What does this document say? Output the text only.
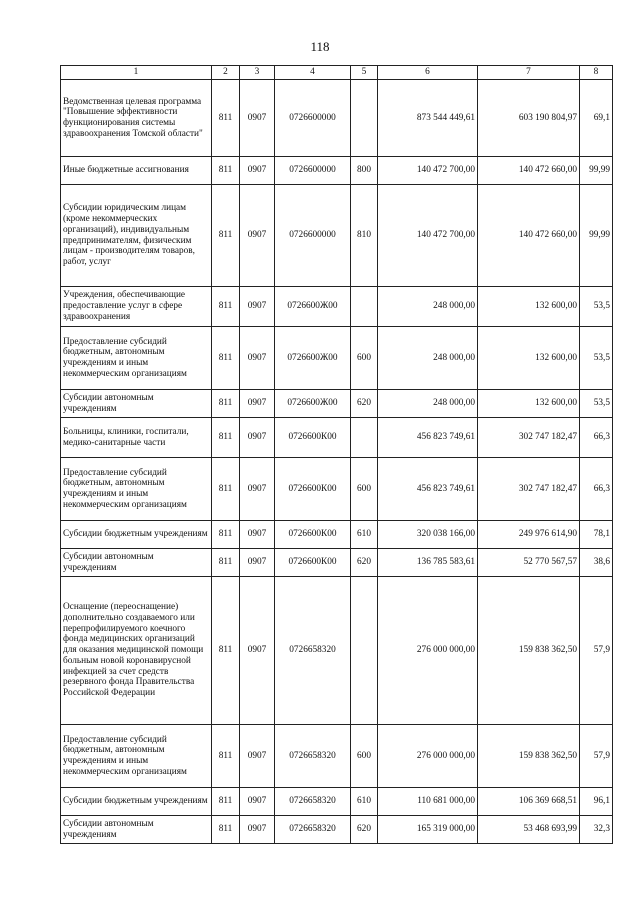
118
1	2	3	4	5	6	7	8
Ведомственная целевая программа "Повышение эффективности функционирования системы здравоохранения Томской области"	811	0907	0726600000		873 544 449,61	603 190 804,97	69,1
Иные бюджетные ассигнования	811	0907	0726600000	800	140 472 700,00	140 472 660,00	99,99
Субсидии юридическим лицам (кроме некоммерческих организаций), индивидуальным предпринимателям, физическим лицам - производителям товаров, работ, услуг	811	0907	0726600000	810	140 472 700,00	140 472 660,00	99,99
Учреждения, обеспечивающие предоставление услуг в сфере здравоохранения	811	0907	0726600Ж00		248 000,00	132 600,00	53,5
Предоставление субсидий бюджетным, автономным учреждениям и иным некоммерческим организациям	811	0907	0726600Ж00	600	248 000,00	132 600,00	53,5
Субсидии автономным учреждениям	811	0907	0726600Ж00	620	248 000,00	132 600,00	53,5
Больницы, клиники, госпитали, медико-санитарные части	811	0907	0726600К00		456 823 749,61	302 747 182,47	66,3
Предоставление субсидий бюджетным, автономным учреждениям и иным некоммерческим организациям	811	0907	0726600К00	600	456 823 749,61	302 747 182,47	66,3
Субсидии бюджетным учреждениям	811	0907	0726600К00	610	320 038 166,00	249 976 614,90	78,1
Субсидии автономным учреждениям	811	0907	0726600К00	620	136 785 583,61	52 770 567,57	38,6
Оснащение (переоснащение) дополнительно создаваемого или перепрофилируемого коечного фонда медицинских организаций для оказания медицинской помощи больным новой коронавирусной инфекцией за счет средств резервного фонда Правительства Российской Федерации	811	0907	0726658320		276 000 000,00	159 838 362,50	57,9
Предоставление субсидий бюджетным, автономным учреждениям и иным некоммерческим организациям	811	0907	0726658320	600	276 000 000,00	159 838 362,50	57,9
Субсидии бюджетным учреждениям	811	0907	0726658320	610	110 681 000,00	106 369 668,51	96,1
Субсидии автономным учреждениям	811	0907	0726658320	620	165 319 000,00	53 468 693,99	32,3
